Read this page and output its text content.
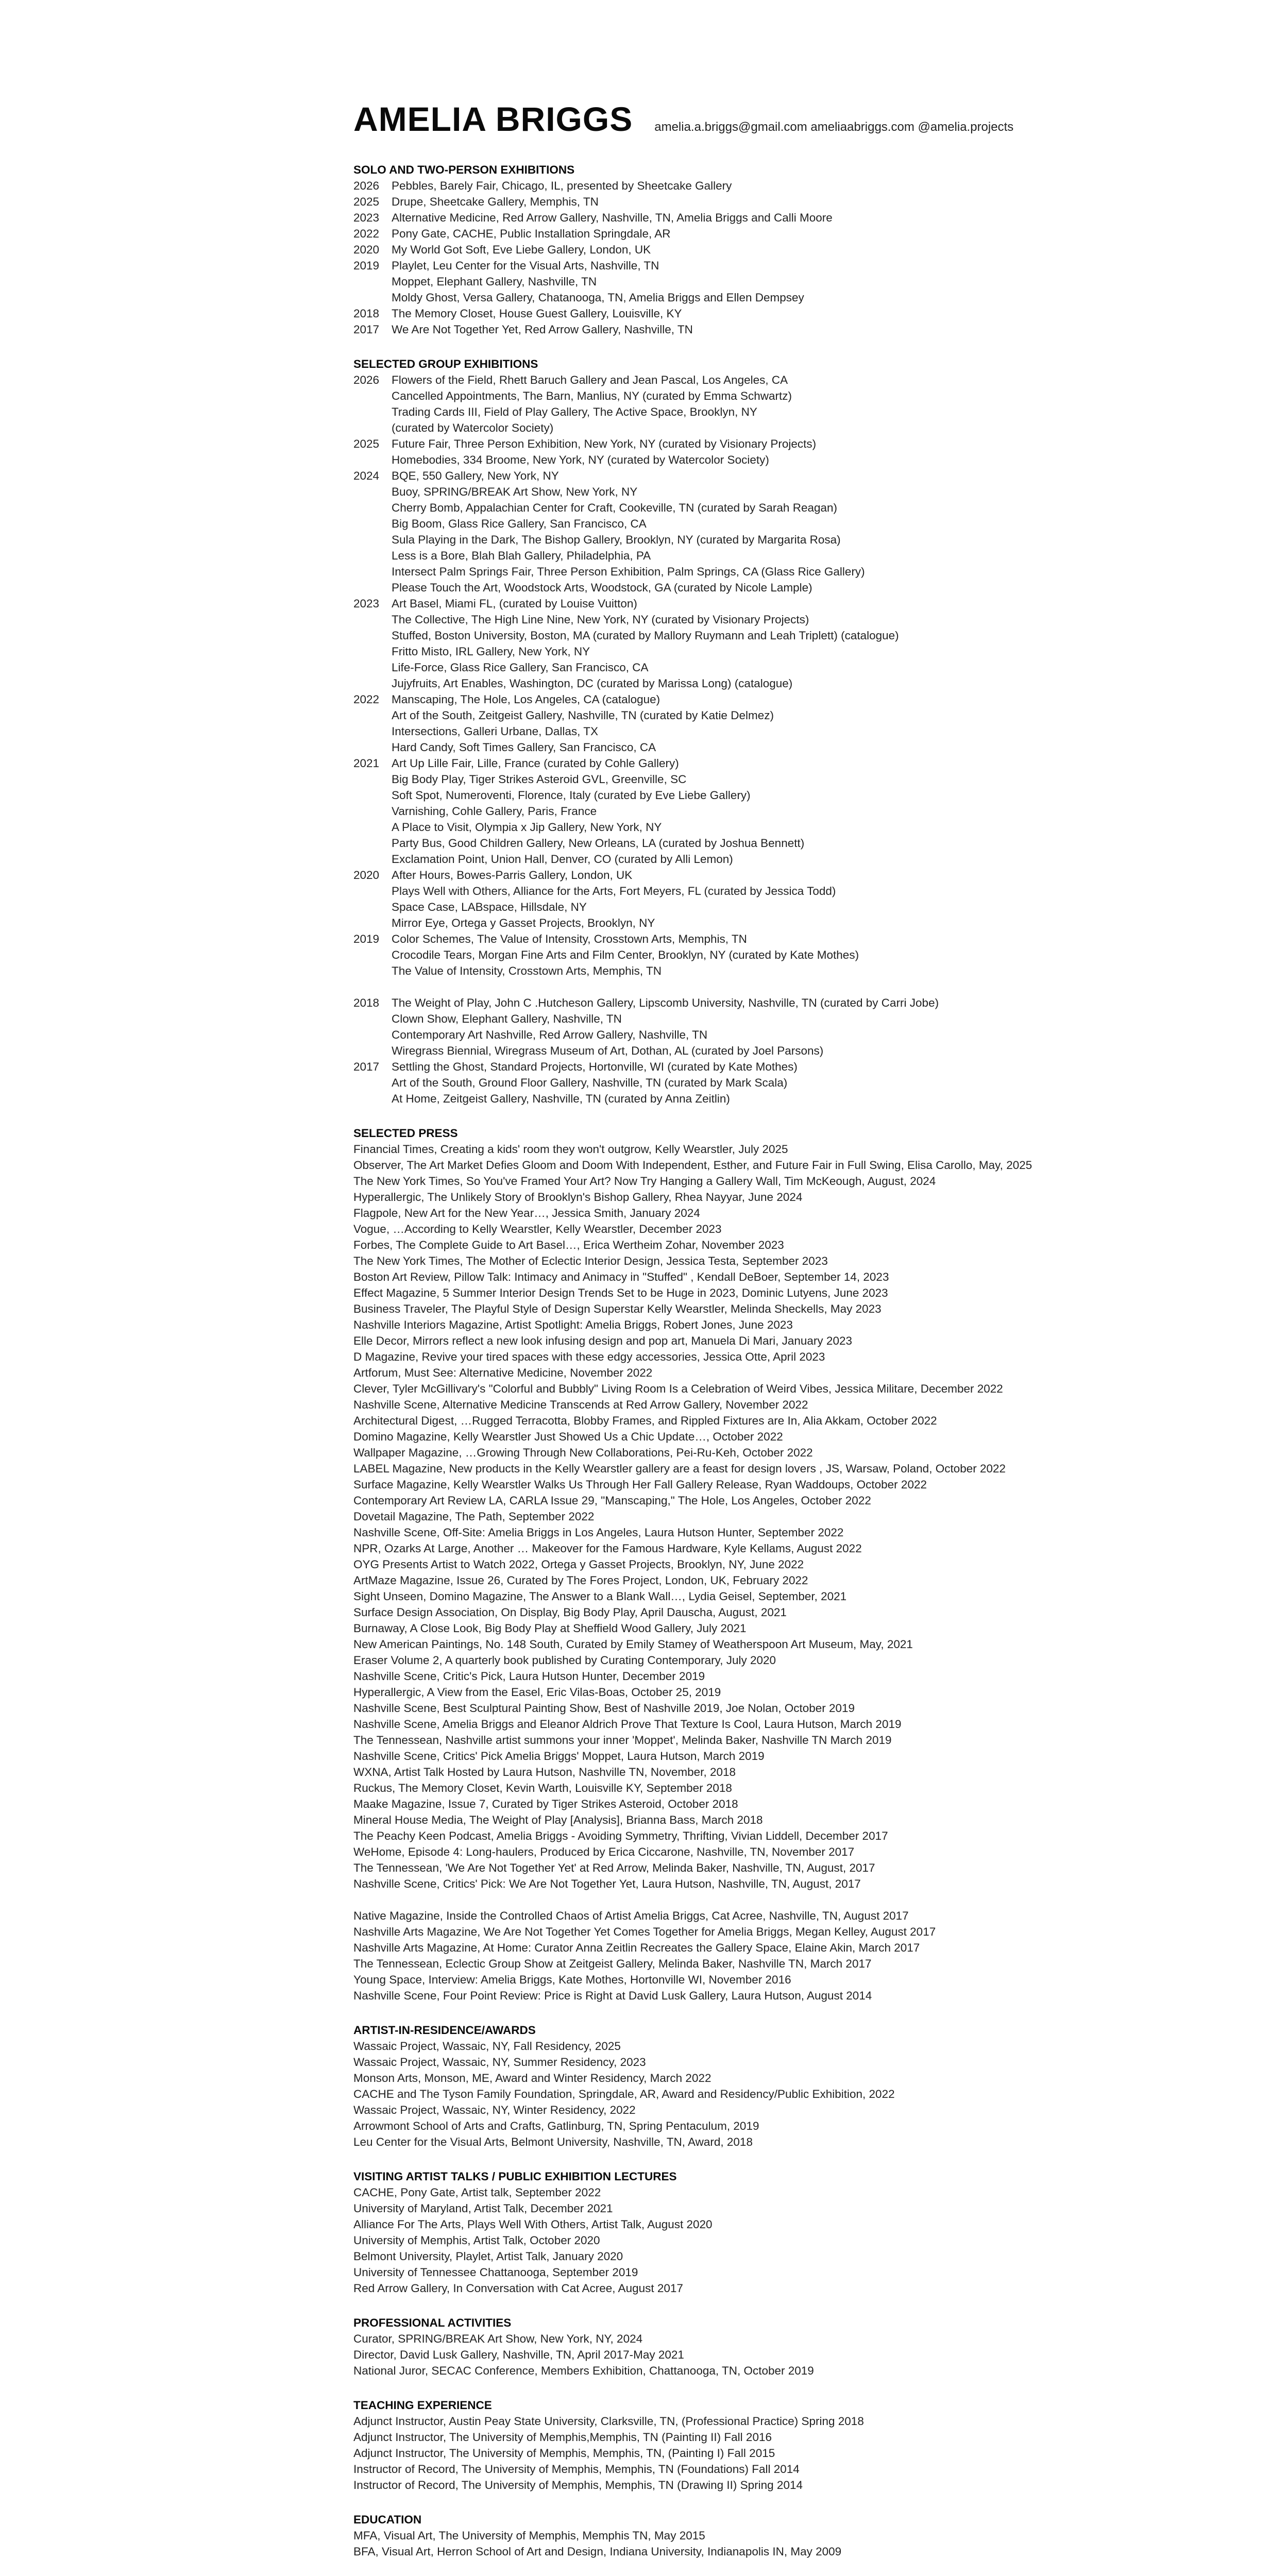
AMELIA BRIGGS amelia.a.briggs@gmail.com ameliaabriggs.com @amelia.projects
SOLO AND TWO-PERSON EXHIBITIONS
2026 Pebbles, Barely Fair, Chicago, IL, presented by Sheetcake Gallery
2025 Drupe, Sheetcake Gallery, Memphis, TN
2023 Alternative Medicine, Red Arrow Gallery, Nashville, TN, Amelia Briggs and Calli Moore
2022 Pony Gate, CACHE, Public Installation Springdale, AR
2020 My World Got Soft, Eve Liebe Gallery, London, UK
2019 Playlet, Leu Center for the Visual Arts, Nashville, TN
Moppet, Elephant Gallery, Nashville, TN
Moldy Ghost, Versa Gallery, Chatanooga, TN, Amelia Briggs and Ellen Dempsey
2018 The Memory Closet, House Guest Gallery, Louisville, KY
2017 We Are Not Together Yet, Red Arrow Gallery, Nashville, TN
SELECTED GROUP EXHIBITIONS
2026 Flowers of the Field, Rhett Baruch Gallery and Jean Pascal, Los Angeles, CA
Cancelled Appointments, The Barn, Manlius, NY (curated by Emma Schwartz)
Trading Cards III, Field of Play Gallery, The Active Space, Brooklyn, NY
(curated by Watercolor Society)
2025 Future Fair, Three Person Exhibition, New York, NY (curated by Visionary Projects)
Homebodies, 334 Broome, New York, NY (curated by Watercolor Society)
2024 BQE, 550 Gallery, New York, NY
Buoy, SPRING/BREAK Art Show, New York, NY
Cherry Bomb, Appalachian Center for Craft, Cookeville, TN (curated by Sarah Reagan)
Big Boom, Glass Rice Gallery, San Francisco, CA
Sula Playing in the Dark, The Bishop Gallery, Brooklyn, NY (curated by Margarita Rosa)
Less is a Bore, Blah Blah Gallery, Philadelphia, PA
Intersect Palm Springs Fair, Three Person Exhibition, Palm Springs, CA (Glass Rice Gallery)
Please Touch the Art, Woodstock Arts, Woodstock, GA (curated by Nicole Lample)
2023 Art Basel, Miami FL, (curated by Louise Vuitton)
The Collective, The High Line Nine, New York, NY (curated by Visionary Projects)
Stuffed, Boston University, Boston, MA (curated by Mallory Ruymann and Leah Triplett) (catalogue)
Fritto Misto, IRL Gallery, New York, NY
Life-Force, Glass Rice Gallery, San Francisco, CA
Jujyfruits, Art Enables, Washington, DC (curated by Marissa Long) (catalogue)
2022 Manscaping, The Hole, Los Angeles, CA (catalogue)
Art of the South, Zeitgeist Gallery, Nashville, TN (curated by Katie Delmez)
Intersections, Galleri Urbane, Dallas, TX
Hard Candy, Soft Times Gallery, San Francisco, CA
2021 Art Up Lille Fair, Lille, France (curated by Cohle Gallery)
Big Body Play, Tiger Strikes Asteroid GVL, Greenville, SC
Soft Spot, Numeroventi, Florence, Italy (curated by Eve Liebe Gallery)
Varnishing, Cohle Gallery, Paris, France
A Place to Visit, Olympia x Jip Gallery, New York, NY
Party Bus, Good Children Gallery, New Orleans, LA (curated by Joshua Bennett)
Exclamation Point, Union Hall, Denver, CO (curated by Alli Lemon)
2020 After Hours, Bowes-Parris Gallery, London, UK
Plays Well with Others, Alliance for the Arts, Fort Meyers, FL (curated by Jessica Todd)
Space Case, LABspace, Hillsdale, NY
Mirror Eye, Ortega y Gasset Projects, Brooklyn, NY
2019 Color Schemes, The Value of Intensity, Crosstown Arts, Memphis, TN
Crocodile Tears, Morgan Fine Arts and Film Center, Brooklyn, NY (curated by Kate Mothes)
The Value of Intensity, Crosstown Arts, Memphis, TN
2018 The Weight of Play, John C .Hutcheson Gallery, Lipscomb University, Nashville, TN (curated by Carri Jobe)
Clown Show, Elephant Gallery, Nashville, TN
Contemporary Art Nashville, Red Arrow Gallery, Nashville, TN
Wiregrass Biennial, Wiregrass Museum of Art, Dothan, AL (curated by Joel Parsons)
2017 Settling the Ghost, Standard Projects, Hortonville, WI (curated by Kate Mothes)
Art of the South, Ground Floor Gallery, Nashville, TN (curated by Mark Scala)
At Home, Zeitgeist Gallery, Nashville, TN (curated by Anna Zeitlin)
SELECTED PRESS
Financial Times, Creating a kids' room they won't outgrow, Kelly Wearstler, July 2025
Observer, The Art Market Defies Gloom and Doom With Independent, Esther, and Future Fair in Full Swing, Elisa Carollo, May, 2025
The New York Times, So You've Framed Your Art? Now Try Hanging a Gallery Wall, Tim McKeough, August, 2024
Hyperallergic, The Unlikely Story of Brooklyn's Bishop Gallery, Rhea Nayyar, June 2024
Flagpole, New Art for the New Year…, Jessica Smith, January 2024
Vogue, …According to Kelly Wearstler, Kelly Wearstler, December 2023
Forbes, The Complete Guide to Art Basel…, Erica Wertheim Zohar, November 2023
The New York Times, The Mother of Eclectic Interior Design, Jessica Testa, September 2023
Boston Art Review, Pillow Talk: Intimacy and Animacy in "Stuffed" , Kendall DeBoer, September 14, 2023
Effect Magazine, 5 Summer Interior Design Trends Set to be Huge in 2023, Dominic Lutyens, June 2023
Business Traveler, The Playful Style of Design Superstar Kelly Wearstler, Melinda Sheckells, May 2023
Nashville Interiors Magazine, Artist Spotlight: Amelia Briggs, Robert Jones, June 2023
Elle Decor, Mirrors reflect a new look infusing design and pop art, Manuela Di Mari, January 2023
D Magazine, Revive your tired spaces with these edgy accessories, Jessica Otte, April 2023
Artforum, Must See: Alternative Medicine, November 2022
Clever, Tyler McGillivary's "Colorful and Bubbly" Living Room Is a Celebration of Weird Vibes, Jessica Militare, December 2022
Nashville Scene, Alternative Medicine Transcends at Red Arrow Gallery, November 2022
Architectural Digest, …Rugged Terracotta, Blobby Frames, and Rippled Fixtures are In, Alia Akkam, October 2022
Domino Magazine, Kelly Wearstler Just Showed Us a Chic Update…, October 2022
Wallpaper Magazine, …Growing Through New Collaborations, Pei-Ru-Keh, October 2022
LABEL Magazine, New products in the Kelly Wearstler gallery are a feast for design lovers , JS, Warsaw, Poland, October 2022
Surface Magazine, Kelly Wearstler Walks Us Through Her Fall Gallery Release, Ryan Waddoups, October 2022
Contemporary Art Review LA, CARLA Issue 29, "Manscaping," The Hole, Los Angeles, October 2022
Dovetail Magazine, The Path, September 2022
Nashville Scene, Off-Site: Amelia Briggs in Los Angeles, Laura Hutson Hunter, September 2022
NPR, Ozarks At Large, Another … Makeover for the Famous Hardware, Kyle Kellams, August 2022
OYG Presents Artist to Watch 2022, Ortega y Gasset Projects, Brooklyn, NY, June 2022
ArtMaze Magazine, Issue 26, Curated by The Fores Project, London, UK, February 2022
Sight Unseen, Domino Magazine, The Answer to a Blank Wall…, Lydia Geisel, September, 2021
Surface Design Association, On Display, Big Body Play, April Dauscha, August, 2021
Burnaway, A Close Look, Big Body Play at Sheffield Wood Gallery, July 2021
New American Paintings, No. 148 South, Curated by Emily Stamey of Weatherspoon Art Museum, May, 2021
Eraser Volume 2, A quarterly book published by Curating Contemporary, July 2020
Nashville Scene, Critic's Pick, Laura Hutson Hunter, December 2019
Hyperallergic, A View from the Easel, Eric Vilas-Boas, October 25, 2019
Nashville Scene, Best Sculptural Painting Show, Best of Nashville 2019, Joe Nolan, October 2019
Nashville Scene, Amelia Briggs and Eleanor Aldrich Prove That Texture Is Cool, Laura Hutson, March 2019
The Tennessean, Nashville artist summons your inner 'Moppet', Melinda Baker, Nashville TN March 2019
Nashville Scene, Critics' Pick Amelia Briggs' Moppet, Laura Hutson, March 2019
WXNA, Artist Talk Hosted by Laura Hutson, Nashville TN, November, 2018
Ruckus, The Memory Closet, Kevin Warth, Louisville KY, September 2018
Maake Magazine, Issue 7, Curated by Tiger Strikes Asteroid, October 2018
Mineral House Media, The Weight of Play [Analysis], Brianna Bass, March 2018
The Peachy Keen Podcast, Amelia Briggs - Avoiding Symmetry, Thrifting, Vivian Liddell, December 2017
WeHome, Episode 4: Long-haulers, Produced by Erica Ciccarone, Nashville, TN, November 2017
The Tennessean, 'We Are Not Together Yet' at Red Arrow, Melinda Baker, Nashville, TN, August, 2017
Nashville Scene, Critics' Pick: We Are Not Together Yet, Laura Hutson, Nashville, TN, August, 2017
Native Magazine, Inside the Controlled Chaos of Artist Amelia Briggs, Cat Acree, Nashville, TN, August 2017
Nashville Arts Magazine, We Are Not Together Yet Comes Together for Amelia Briggs, Megan Kelley, August 2017
Nashville Arts Magazine, At Home: Curator Anna Zeitlin Recreates the Gallery Space, Elaine Akin, March 2017
The Tennessean, Eclectic Group Show at Zeitgeist Gallery, Melinda Baker, Nashville TN, March 2017
Young Space, Interview: Amelia Briggs, Kate Mothes, Hortonville WI, November 2016
Nashville Scene, Four Point Review: Price is Right at David Lusk Gallery, Laura Hutson, August 2014
ARTIST-IN-RESIDENCE/AWARDS
Wassaic Project, Wassaic, NY, Fall Residency, 2025
Wassaic Project, Wassaic, NY, Summer Residency, 2023
Monson Arts, Monson, ME, Award and Winter Residency, March 2022
CACHE and The Tyson Family Foundation, Springdale, AR, Award and Residency/Public Exhibition, 2022
Wassaic Project, Wassaic, NY, Winter Residency, 2022
Arrowmont School of Arts and Crafts, Gatlinburg, TN, Spring Pentaculum, 2019
Leu Center for the Visual Arts, Belmont University, Nashville, TN, Award, 2018
VISITING ARTIST TALKS / PUBLIC EXHIBITION LECTURES
CACHE, Pony Gate, Artist talk, September 2022
University of Maryland, Artist Talk, December 2021
Alliance For The Arts, Plays Well With Others, Artist Talk, August 2020
University of Memphis, Artist Talk, October 2020
Belmont University, Playlet, Artist Talk, January 2020
University of Tennessee Chattanooga, September 2019
Red Arrow Gallery, In Conversation with Cat Acree, August 2017
PROFESSIONAL ACTIVITIES
Curator, SPRING/BREAK Art Show, New York, NY, 2024
Director, David Lusk Gallery, Nashville, TN, April 2017-May 2021
National Juror, SECAC Conference, Members Exhibition, Chattanooga, TN, October 2019
TEACHING EXPERIENCE
Adjunct Instructor, Austin Peay State University, Clarksville, TN, (Professional Practice) Spring 2018
Adjunct Instructor, The University of Memphis,Memphis, TN (Painting II) Fall 2016
Adjunct Instructor, The University of Memphis, Memphis, TN, (Painting I) Fall 2015
Instructor of Record, The University of Memphis, Memphis, TN (Foundations) Fall 2014
Instructor of Record, The University of Memphis, Memphis, TN (Drawing II) Spring 2014
EDUCATION
MFA, Visual Art, The University of Memphis, Memphis TN, May 2015
BFA, Visual Art, Herron School of Art and Design, Indiana University, Indianapolis IN, May 2009
